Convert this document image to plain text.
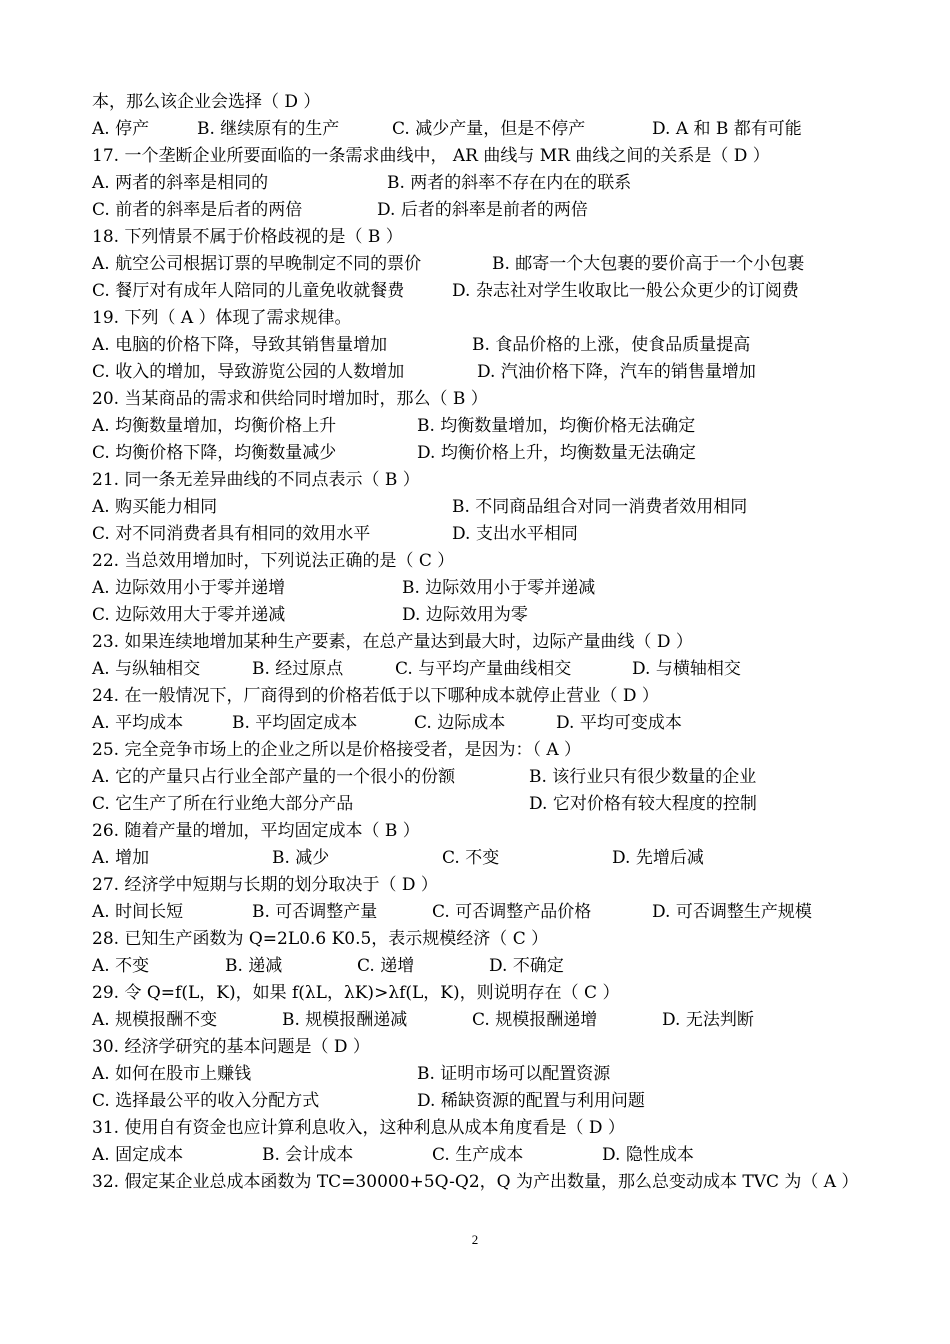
本，那么该企业会选择（ D ）
A. 停产	B. 继续原有的生产	C. 减少产量，但是不停产	D. A 和 B 都有可能
17. 一个垄断企业所要面临的一条需求曲线中， AR 曲线与 MR 曲线之间的关系是（ D ）
A. 两者的斜率是相同的	B. 两者的斜率不存在内在的联系
C. 前者的斜率是后者的两倍	D. 后者的斜率是前者的两倍
18. 下列情景不属于价格歧视的是（ B ）
A. 航空公司根据订票的早晚制定不同的票价	B. 邮寄一个大包裹的要价高于一个小包裹
C. 餐厅对有成年人陪同的儿童免收就餐费	D. 杂志社对学生收取比一般公众更少的订阅费
19. 下列（ A ）体现了需求规律。
A. 电脑的价格下降，导致其销售量增加	B. 食品价格的上涨，使食品质量提高
C. 收入的增加，导致游览公园的人数增加	D. 汽油价格下降，汽车的销售量增加
20. 当某商品的需求和供给同时增加时，那么（ B ）
A. 均衡数量增加，均衡价格上升	B. 均衡数量增加，均衡价格无法确定
C. 均衡价格下降，均衡数量减少	D. 均衡价格上升，均衡数量无法确定
21. 同一条无差异曲线的不同点表示（ B ）
A. 购买能力相同	B. 不同商品组合对同一消费者效用相同
C. 对不同消费者具有相同的效用水平	D. 支出水平相同
22. 当总效用增加时，下列说法正确的是（ C ）
A. 边际效用小于零并递增	B. 边际效用小于零并递减
C. 边际效用大于零并递减	D. 边际效用为零
23. 如果连续地增加某种生产要素，在总产量达到最大时，边际产量曲线（ D ）
A. 与纵轴相交	B. 经过原点	C. 与平均产量曲线相交	D. 与横轴相交
24. 在一般情况下，厂商得到的价格若低于以下哪种成本就停止营业（ D ）
A. 平均成本	B. 平均固定成本	C. 边际成本	D. 平均可变成本
25. 完全竞争市场上的企业之所以是价格接受者，是因为：（ A ）
A. 它的产量只占行业全部产量的一个很小的份额	B. 该行业只有很少数量的企业
C. 它生产了所在行业绝大部分产品	D. 它对价格有较大程度的控制
26. 随着产量的增加，平均固定成本（ B ）
A. 增加	B. 减少	C. 不变	D. 先增后减
27. 经济学中短期与长期的划分取决于（ D ）
A. 时间长短	B. 可否调整产量	C. 可否调整产品价格	D. 可否调整生产规模
28. 已知生产函数为 Q=2L0.6 K0.5，表示规模经济（ C ）
A. 不变	B. 递减	C. 递增	D. 不确定
29. 令 Q=f(L，K)，如果 f(λL，λK)>λf(L，K)，则说明存在（ C ）
A. 规模报酬不变	B. 规模报酬递减	C. 规模报酬递增	D. 无法判断
30. 经济学研究的基本问题是（ D ）
A. 如何在股市上赚钱	B. 证明市场可以配置资源
C. 选择最公平的收入分配方式	D. 稀缺资源的配置与利用问题
31. 使用自有资金也应计算利息收入，这种利息从成本角度看是（ D ）
A. 固定成本	B. 会计成本	C. 生产成本	D. 隐性成本
32. 假定某企业总成本函数为 TC=30000+5Q-Q2，Q 为产出数量，那么总变动成本 TVC 为（ A ）
2
